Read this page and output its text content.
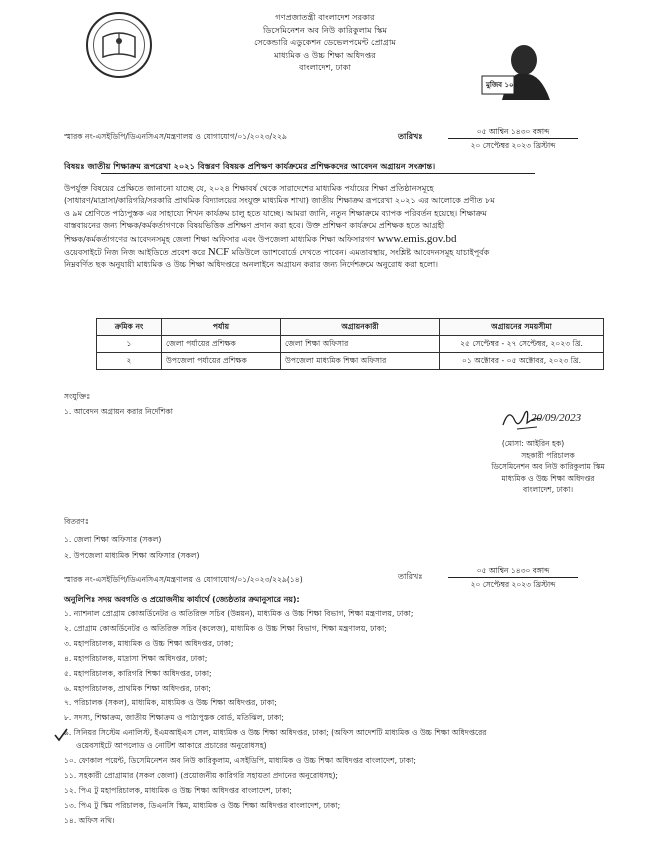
গণপ্রজাতন্ত্রী বাংলাদেশ সরকার
ডিসেমিনেশন অব নিউ কারিকুলাম স্কিম
সেকেন্ডারি এডুকেশন ডেভেলপমেন্ট প্রোগ্রাম
মাধ্যমিক ও উচ্চ শিক্ষা অধিদপ্তর
বাংলাদেশ, ঢাকা
মুজিব ১০০
স্মারক নং-এসইডিপি/ডিএনসিএস/মন্ত্রণালয় ও যোগাযোগ/০১/২০২৩/২২৯	তারিখঃ
০৫ আশ্বিন ১৪৩০ বঙ্গাব্দ
২০ সেপ্টেম্বর ২০২৩ খ্রিস্টাব্দ
বিষয়ঃ জাতীয় শিক্ষাক্রম রূপরেখা ২০২১ বিস্তরণ বিষয়ক প্রশিক্ষণ কার্যক্রমের প্রশিক্ষকদের আবেদন অগ্রায়ন সংক্রান্ত।
উপর্যুক্ত বিষয়ের প্রেক্ষিতে জানানো যাচ্ছে যে, ২০২৪ শিক্ষাবর্ষ থেকে সারাদেশের মাধ্যমিক পর্যায়ের শিক্ষা প্রতিষ্ঠানসমূহে
(সাধারণ/মাদ্রাসা/কারিগরি/সরকারি প্রাথমিক বিদ্যালয়ের সংযুক্ত মাধ্যমিক শাখা) জাতীয় শিক্ষাক্রম রূপরেখা ২০২১ এর আলোকে প্রণীত ৮ম
ও ৯ম শ্রেণিতে পাঠ্যপুস্তক এর সাহায্যে শিখন কার্যক্রম চালু হতে যাচ্ছে। আমরা জানি, নতুন শিক্ষাক্রমে ব্যাপক পরিবর্তন হয়েছে। শিক্ষাক্রম
বাস্তবায়নের জন্য শিক্ষক/কর্মকর্তাগণকে বিষয়ভিত্তিক প্রশিক্ষণ প্রদান করা হবে। উক্ত প্রশিক্ষণ কার্যক্রমে প্রশিক্ষক হতে আগ্রহী
শিক্ষক/কর্মকর্তাগণের আবেদনসমূহ জেলা শিক্ষা অফিসার এবং উপজেলা মাধ্যমিক শিক্ষা অফিসারগণ www.emis.gov.bd
ওয়েবসাইটে নিজ নিজ আইডিতে প্রবেশ করে NCF মডিউলে ড্যাশবোর্ডে দেখতে পাবেন। এমতাবস্থায়, সংশ্লিষ্ট আবেদনসমূহ যাচাইপূর্বক
নিম্নবর্ণিত ছক অনুযায়ী মাধ্যমিক ও উচ্চ শিক্ষা অধিদপ্তরে অনলাইনে অগ্রায়ন করার জন্য নির্দেশক্রমে অনুরোধ করা হলো।
ক্রমিক নং	পর্যায়	অগ্রায়নকারী	অগ্রায়নের সময়সীমা
১	জেলা পর্যায়ের প্রশিক্ষক	জেলা শিক্ষা অফিসার	২৫ সেপ্টেম্বর - ২৭ সেপ্টেম্বর, ২০২৩ খ্রি.
২	উপজেলা পর্যায়ের প্রশিক্ষক	উপজেলা মাধ্যমিক শিক্ষা অফিসার	০১ অক্টোবর - ০৫ অক্টোবর, ২০২৩ খ্রি.
সংযুক্তিঃ
১. আবেদন অগ্রায়ন করার নির্দেশিকা
20/09/2023
(মোসা: আইরিন হক)
সহকারী পরিচালক
ডিসেমিনেশন অব নিউ কারিকুলাম স্কিম
মাধ্যমিক ও উচ্চ শিক্ষা অধিদপ্তর
বাংলাদেশ, ঢাকা।
বিতরণঃ
১. জেলা শিক্ষা অফিসার (সকল)
২. উপজেলা মাধ্যমিক শিক্ষা অফিসার (সকল)
স্মারক নং-এসইডিপি/ডিএনসিএস/মন্ত্রণালয় ও যোগাযোগ/০১/২০২৩/২২৯(১৪)	তারিখঃ
০৫ আশ্বিন ১৪৩০ বঙ্গাব্দ
২০ সেপ্টেম্বর ২০২৩ খ্রিস্টাব্দ
অনুলিপিঃ সদয় অবগতি ও প্রয়োজনীয় কার্যার্থে (জ্যেষ্ঠতার ক্রমানুসারে নয়):
১. ন্যাশনাল প্রোগ্রাম কোঅর্ডিনেটর ও অতিরিক্ত সচিব (উন্নয়ন), মাধ্যমিক ও উচ্চ শিক্ষা বিভাগ, শিক্ষা মন্ত্রণালয়, ঢাকা;
২. প্রোগ্রাম কোঅর্ডিনেটর ও অতিরিক্ত সচিব (কলেজ), মাধ্যমিক ও উচ্চ শিক্ষা বিভাগ, শিক্ষা মন্ত্রণালয়, ঢাকা;
৩. মহাপরিচালক, মাধ্যমিক ও উচ্চ শিক্ষা অধিদপ্তর, ঢাকা;
৪. মহাপরিচালক, মাদ্রাসা শিক্ষা অধিদপ্তর, ঢাকা;
৫. মহাপরিচালক, কারিগরি শিক্ষা অধিদপ্তর, ঢাকা;
৬. মহাপরিচালক, প্রাথমিক শিক্ষা অধিদপ্তর, ঢাকা;
৭. পরিচালক (সকল), মাধ্যমিক, মাধ্যমিক ও উচ্চ শিক্ষা অধিদপ্তর, ঢাকা;
৮. সদস্য, শিক্ষাক্রম, জাতীয় শিক্ষাক্রম ও পাঠ্যপুস্তক বোর্ড, মতিঝিল, ঢাকা;
৯. সিনিয়র সিস্টেম এনালিস্ট, ইএমআইএস সেল, মাধ্যমিক ও উচ্চ শিক্ষা অধিদপ্তর, ঢাকা; (অফিস আদেশটি মাধ্যমিক ও উচ্চ শিক্ষা অধিদপ্তরের
ওয়েবসাইটে আপলোড ও নোটিশ আকারে প্রচারের অনুরোধসহ)
১০. ফোকাল পয়েন্ট, ডিসেমিনেশন অব নিউ কারিকুলাম, এসইডিপি, মাধ্যমিক ও উচ্চ শিক্ষা অধিদপ্তর বাংলাদেশ, ঢাকা;
১১. সহকারী প্রোগ্রামার (সকল জেলা) (প্রয়োজনীয় কারিগরি সহায়তা প্রদানের অনুরোধসহ);
১২. পিএ টু মহাপরিচালক, মাধ্যমিক ও উচ্চ শিক্ষা অধিদপ্তর বাংলাদেশ, ঢাকা;
১৩. পিএ টু স্কিম পরিচালক, ডিএনসি স্কিম, মাধ্যমিক ও উচ্চ শিক্ষা অধিদপ্তর বাংলাদেশ, ঢাকা;
১৪. অফিস নথি।
